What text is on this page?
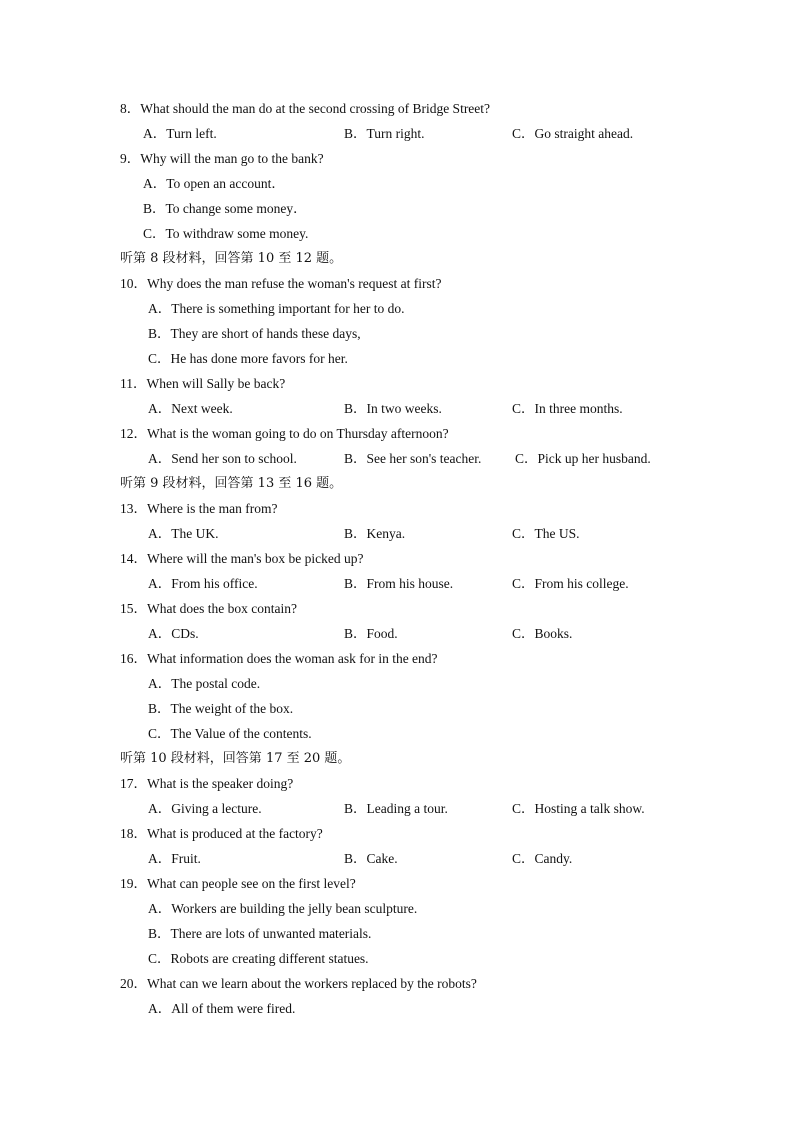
8．What should the man do at the second crossing of Bridge Street?
A．Turn left.	B．Turn right.	C．Go straight ahead.
9．Why will the man go to the bank?
A．To open an account．
B．To change some money．
C．To withdraw some money.
听第 8 段材料，回答第 10 至 12 题。
10．Why does the man refuse the woman's request at first?
A．There is something important for her to do.
B．They are short of hands these days,
C．He has done more favors for her.
11．When will Sally be back?
A．Next week.	B．In two weeks.	C．In three months.
12．What is the woman going to do on Thursday afternoon?
A．Send her son to school.	B．See her son's teacher. C．Pick up her husband.
听第 9 段材料，回答第 13 至 16 题。
13．Where is the man from?
A．The UK.	B．Kenya.	C．The US.
14．Where will the man's box be picked up?
A．From his office.	B．From his house.	C．From his college.
15．What does the box contain?
A．CDs.	B．Food.	C．Books.
16．What information does the woman ask for in the end?
A．The postal code.
B．The weight of the box.
C．The Value of the contents.
听第 10 段材料，回答第 17 至 20 题。
17．What is the speaker doing?
A．Giving a lecture.	B．Leading a tour.	C．Hosting a talk show.
18．What is produced at the factory?
A．Fruit.	B．Cake.	C．Candy.
19．What can people see on the first level?
A．Workers are building the jelly bean sculpture.
B．There are lots of unwanted materials.
C．Robots are creating different statues.
20．What can we learn about the workers replaced by the robots?
A．All of them were fired.
